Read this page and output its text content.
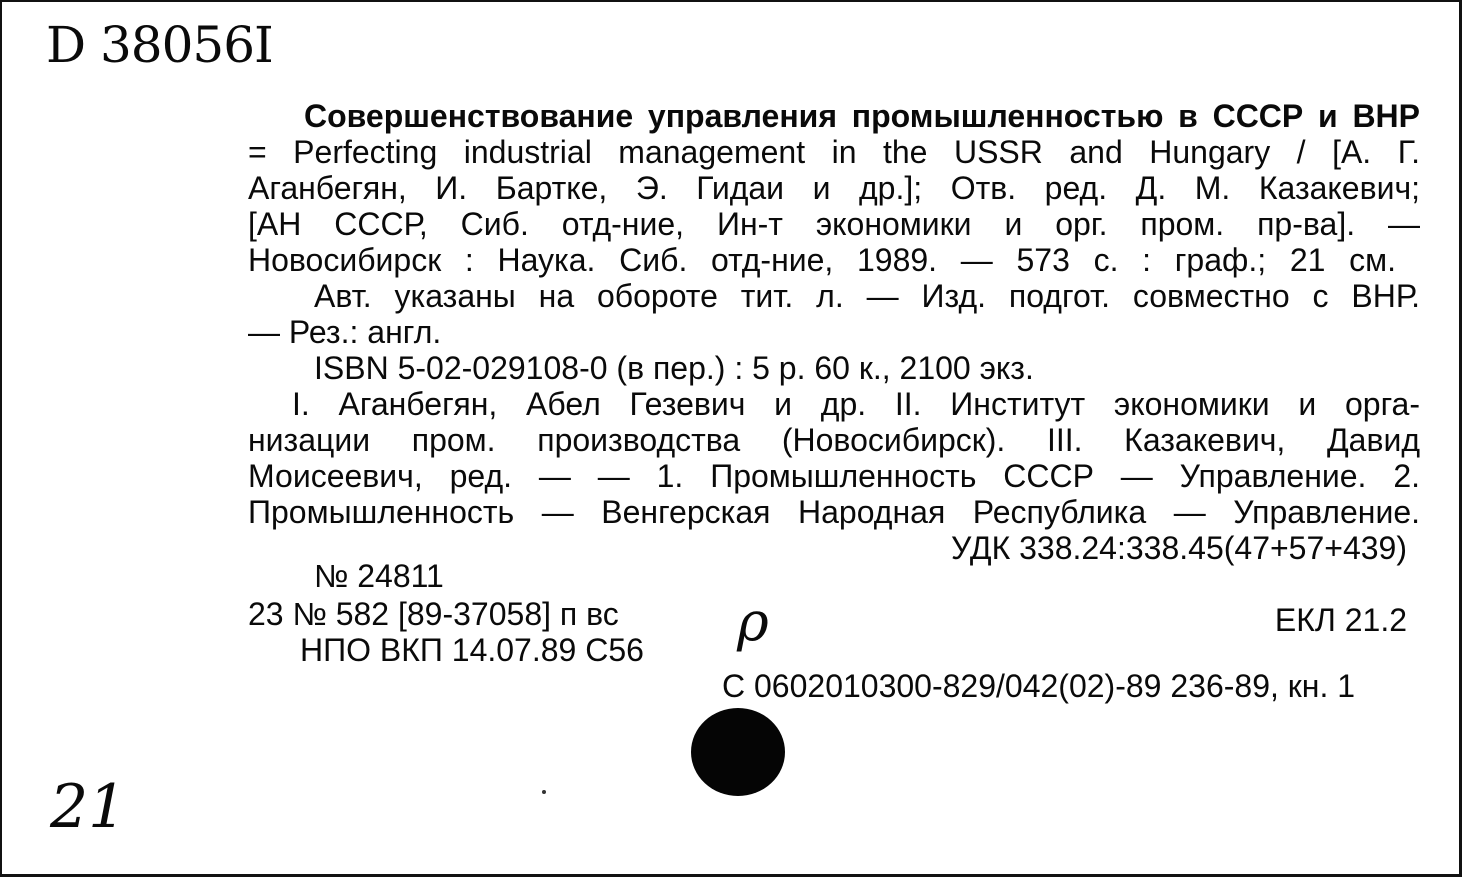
D 38056I
Совершенствование управления промышленностью в СССР и ВНР
= Perfecting industrial management in the USSR and Hungary / [А. Г.
Аганбегян, И. Бартке, Э. Гидаи и др.]; Отв. ред. Д. М. Казакевич;
[АН СССР, Сиб. отд-ние, Ин-т экономики и орг. пром. пр-ва]. —
Новосибирск : Наука. Сиб. отд-ние, 1989. — 573 с. : граф.; 21 см.
Авт. указаны на обороте тит. л. — Изд. подгот. совместно с ВНР.
— Рез.: англ.
ISBN 5-02-029108-0 (в пер.) : 5 р. 60 к., 2100 экз.
I. Аганбегян, Абел Гезевич и др. II. Институт экономики и орга-
низации пром. производства (Новосибирск). III. Казакевич, Давид
Моисеевич, ред. — — 1. Промышленность СССР — Управление. 2.
Промышленность — Венгерская Народная Республика — Управление.
УДК 338.24:338.45(47+57+439)
№ 24811
23 № 582 [89-37058] п вс
НПО ВКП 14.07.89 С56
ЕКЛ 21.2
С 0602010300-829/042(02)-89 236-89, кн. 1
ρ
21
